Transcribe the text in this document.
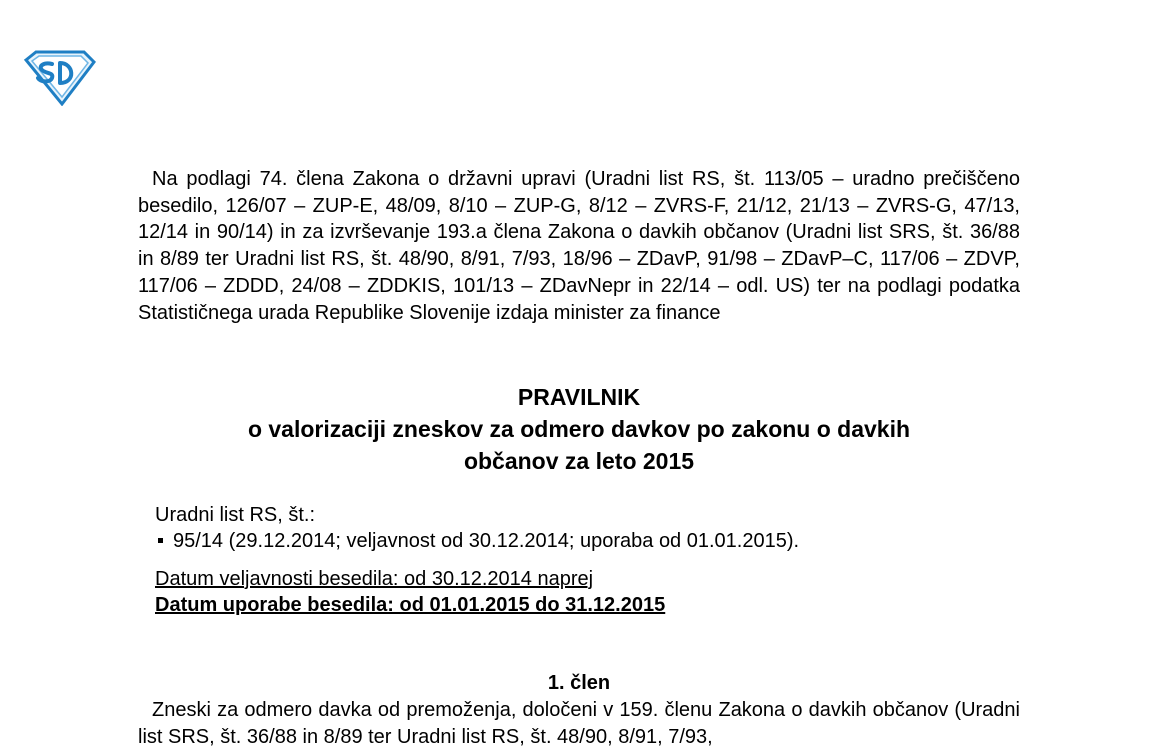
Na podlagi 74. člena Zakona o državni upravi (Uradni list RS, št. 113/05 – uradno prečiščeno besedilo, 126/07 – ZUP-E, 48/09, 8/10 – ZUP-G, 8/12 – ZVRS-F, 21/12, 21/13 – ZVRS-G, 47/13, 12/14 in 90/14) in za izvrševanje 193.a člena Zakona o davkih občanov (Uradni list SRS, št. 36/88 in 8/89 ter Uradni list RS, št. 48/90, 8/91, 7/93, 18/96 – ZDavP, 91/98 – ZDavP–C, 117/06 – ZDVP, 117/06 – ZDDD, 24/08 – ZDDKIS, 101/13 – ZDavNepr in 22/14 – odl. US) ter na podlagi podatka Statističnega urada Republike Slovenije izdaja minister za finance
PRAVILNIK
o valorizaciji zneskov za odmero davkov po zakonu o davkih
občanov za leto 2015
Uradni list RS, št.:
95/14 (29.12.2014; veljavnost od 30.12.2014; uporaba od 01.01.2015).
Datum veljavnosti besedila: od 30.12.2014 naprej
Datum uporabe besedila: od 01.01.2015 do 31.12.2015
1. člen
Zneski za odmero davka od premoženja, določeni v 159. členu Zakona o davkih občanov (Uradni list SRS, št. 36/88 in 8/89 ter Uradni list RS, št. 48/90, 8/91, 7/93,
